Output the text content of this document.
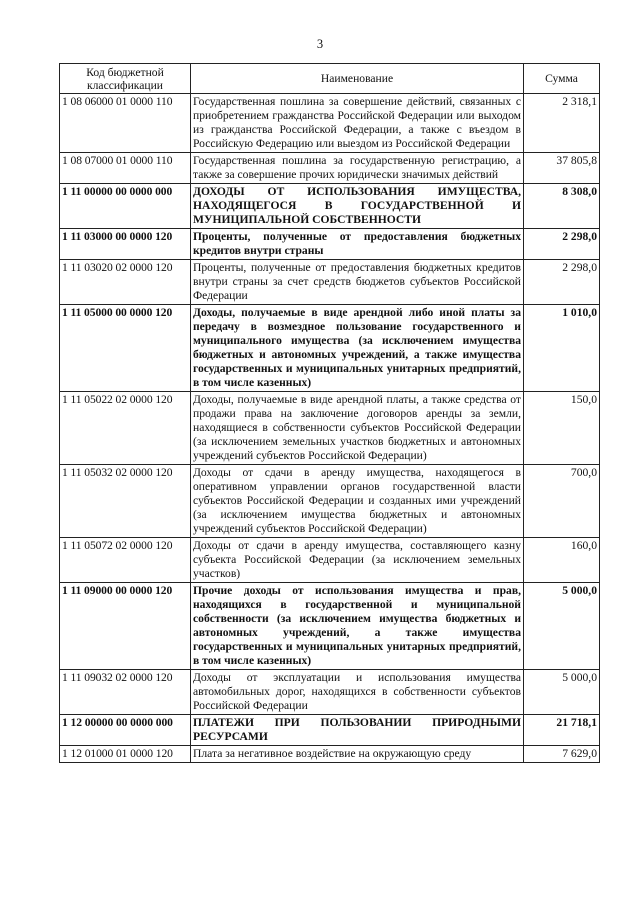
3
Код бюджетной классификации	Наименование	Сумма
1 08 06000 01 0000 110	Государственная пошлина за совершение действий, связанных с приобретением гражданства Российской Федерации или выходом из гражданства Российской Федерации, а также с въездом в Российскую Федерацию или выездом из Российской Федерации	2 318,1
1 08 07000 01 0000 110	Государственная пошлина за государственную регистрацию, а также за совершение прочих юридически значимых действий	37 805,8
1 11 00000 00 0000 000	ДОХОДЫ ОТ ИСПОЛЬЗОВАНИЯ ИМУЩЕСТВА, НАХОДЯЩЕГОСЯ В ГОСУДАРСТВЕННОЙ И МУНИЦИПАЛЬНОЙ СОБСТВЕННОСТИ	8 308,0
1 11 03000 00 0000 120	Проценты, полученные от предоставления бюджетных кредитов внутри страны	2 298,0
1 11 03020 02 0000 120	Проценты, полученные от предоставления бюджетных кредитов внутри страны за счет средств бюджетов субъектов Российской Федерации	2 298,0
1 11 05000 00 0000 120	Доходы, получаемые в виде арендной либо иной платы за передачу в возмездное пользование государственного и муниципального имущества (за исключением имущества бюджетных и автономных учреждений, а также имущества государственных и муниципальных унитарных предприятий, в том числе казенных)	1 010,0
1 11 05022 02 0000 120	Доходы, получаемые в виде арендной платы, а также средства от продажи права на заключение договоров аренды за земли, находящиеся в собственности субъектов Российской Федерации (за исключением земельных участков бюджетных и автономных учреждений субъектов Российской Федерации)	150,0
1 11 05032 02 0000 120	Доходы от сдачи в аренду имущества, находящегося в оперативном управлении органов государственной власти субъектов Российской Федерации и созданных ими учреждений (за исключением имущества бюджетных и автономных учреждений субъектов Российской Федерации)	700,0
1 11 05072 02 0000 120	Доходы от сдачи в аренду имущества, составляющего казну субъекта Российской Федерации (за исключением земельных участков)	160,0
1 11 09000 00 0000 120	Прочие доходы от использования имущества и прав, находящихся в государственной и муниципальной собственности (за исключением имущества бюджетных и автономных учреждений, а также имущества государственных и муниципальных унитарных предприятий, в том числе казенных)	5 000,0
1 11 09032 02 0000 120	Доходы от эксплуатации и использования имущества автомобильных дорог, находящихся в собственности субъектов Российской Федерации	5 000,0
1 12 00000 00 0000 000	ПЛАТЕЖИ ПРИ ПОЛЬЗОВАНИИ ПРИРОДНЫМИ РЕСУРСАМИ	21 718,1
1 12 01000 01 0000 120	Плата за негативное воздействие на окружающую среду	7 629,0
